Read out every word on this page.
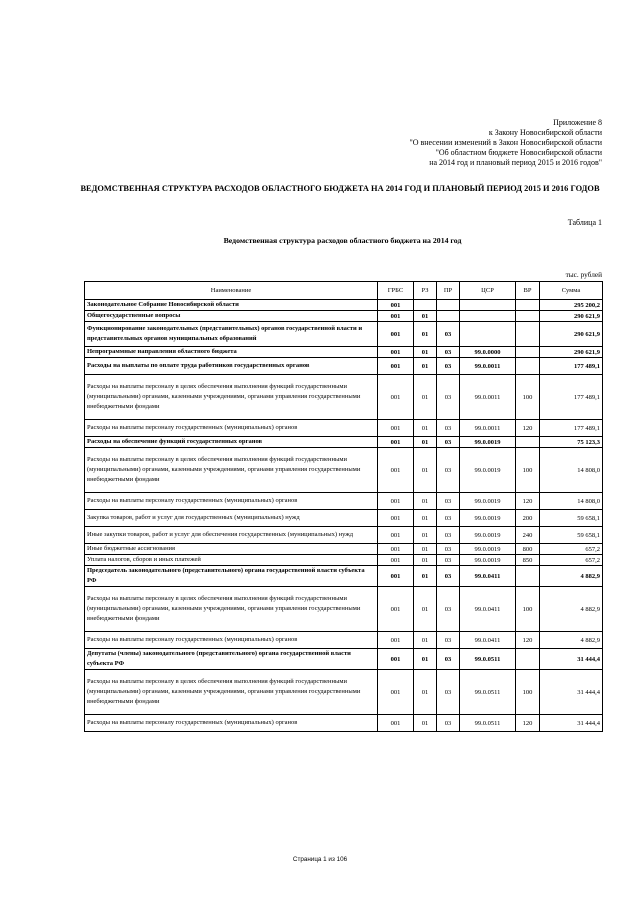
Приложение 8
к Закону Новосибирской области
"О внесении изменений в Закон Новосибирской области
"Об областном бюджете Новосибирской области
на 2014 год и плановый период 2015 и 2016 годов"
ВЕДОМСТВЕННАЯ СТРУКТУРА РАСХОДОВ ОБЛАСТНОГО БЮДЖЕТА НА 2014 ГОД И ПЛАНОВЫЙ ПЕРИОД 2015 И 2016 ГОДОВ
Таблица 1
Ведомственная структура расходов областного бюджета на 2014 год
тыс. рублей
Наименование	ГРБС	РЗ	ПР	ЦСР	ВР	Сумма
Законодательное Собрание Новосибирской области	001					295 200,2
Общегосударственные вопросы	001	01				290 621,9
Функционирование законодательных (представительных) органов государственной власти и представительных органов муниципальных образований	001	01	03			290 621,9
Непрограммные направления областного бюджета	001	01	03	99.0.0000		290 621,9
Расходы на выплаты по оплате труда работников государственных органов	001	01	03	99.0.0011		177 489,1
Расходы на выплаты персоналу в целях обеспечения выполнения функций государственными (муниципальными) органами, казенными учреждениями, органами управления государственными внебюджетными фондами	001	01	03	99.0.0011	100	177 489,1
Расходы на выплаты персоналу государственных (муниципальных) органов	001	01	03	99.0.0011	120	177 489,1
Расходы на обеспечение функций государственных органов	001	01	03	99.0.0019		75 123,3
Расходы на выплаты персоналу в целях обеспечения выполнения функций государственными (муниципальными) органами, казенными учреждениями, органами управления государственными внебюджетными фондами	001	01	03	99.0.0019	100	14 808,0
Расходы на выплаты персоналу государственных (муниципальных) органов	001	01	03	99.0.0019	120	14 808,0
Закупка товаров, работ и услуг для государственных (муниципальных) нужд	001	01	03	99.0.0019	200	59 658,1
Иные закупки товаров, работ и услуг для обеспечения государственных (муниципальных) нужд	001	01	03	99.0.0019	240	59 658,1
Иные бюджетные ассигнования	001	01	03	99.0.0019	800	657,2
Уплата налогов, сборов и иных платежей	001	01	03	99.0.0019	850	657,2
Председатель законодательного (представительного) органа государственной власти субъекта РФ	001	01	03	99.0.0411		4 882,9
Расходы на выплаты персоналу в целях обеспечения выполнения функций государственными (муниципальными) органами, казенными учреждениями, органами управления государственными внебюджетными фондами	001	01	03	99.0.0411	100	4 882,9
Расходы на выплаты персоналу государственных (муниципальных) органов	001	01	03	99.0.0411	120	4 882,9
Депутаты (члены) законодательного (представительного) органа государственной власти субъекта РФ	001	01	03	99.0.0511		31 444,4
Расходы на выплаты персоналу в целях обеспечения выполнения функций государственными (муниципальными) органами, казенными учреждениями, органами управления государственными внебюджетными фондами	001	01	03	99.0.0511	100	31 444,4
Расходы на выплаты персоналу государственных (муниципальных) органов	001	01	03	99.0.0511	120	31 444,4
Страница 1 из 106
